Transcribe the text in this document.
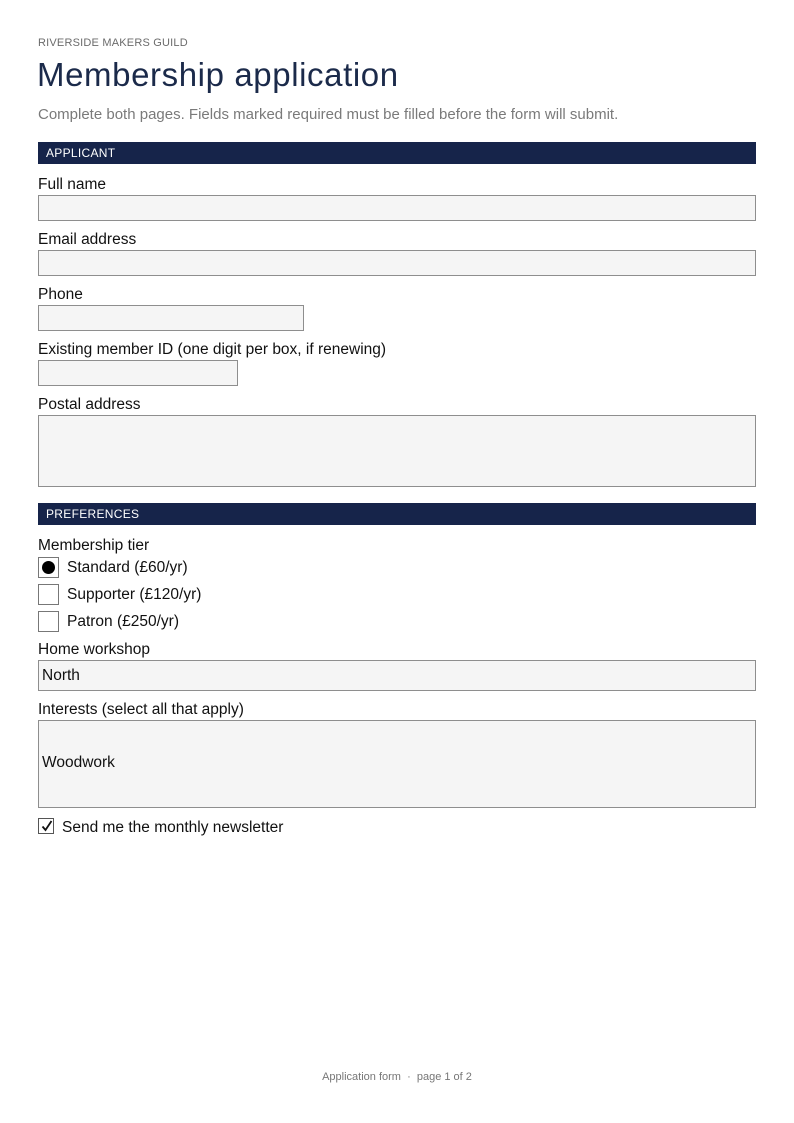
RIVERSIDE MAKERS GUILD
Membership application
Complete both pages. Fields marked required must be filled before the form will submit.
APPLICANT
Full name
Email address
Phone
Existing member ID (one digit per box, if renewing)
Postal address
PREFERENCES
Membership tier
Standard (£60/yr)
Supporter (£120/yr)
Patron (£250/yr)
Home workshop
North
Interests (select all that apply)
Woodwork
Send me the monthly newsletter
Application form  ·  page 1 of 2
